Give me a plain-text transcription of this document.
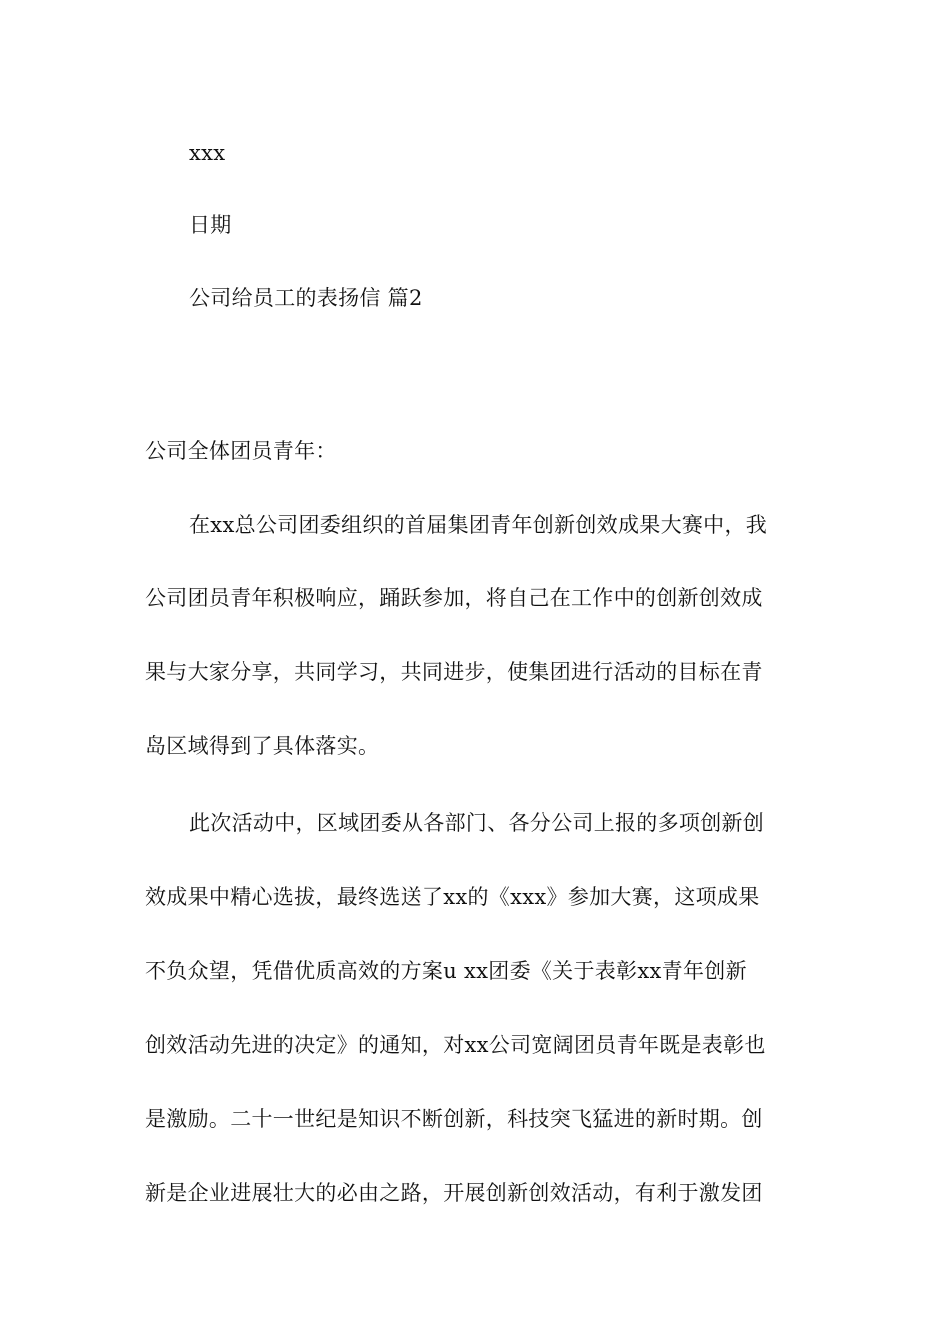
xxx
日期
公司给员工的表扬信 篇2
公司全体团员青年：
在xx总公司团委组织的首届集团青年创新创效成果大赛中，我
公司团员青年积极响应，踊跃参加，将自己在工作中的创新创效成
果与大家分享，共同学习，共同进步，使集团进行活动的目标在青
岛区域得到了具体落实。
此次活动中，区域团委从各部门、各分公司上报的多项创新创
效成果中精心选拔，最终选送了xx的《xxx》参加大赛，这项成果
不负众望，凭借优质高效的方案u xx团委《关于表彰xx青年创新
创效活动先进的决定》的通知，对xx公司宽阔团员青年既是表彰也
是激励。二十一世纪是知识不断创新，科技突飞猛进的新时期。创
新是企业进展壮大的必由之路，开展创新创效活动，有利于激发团
